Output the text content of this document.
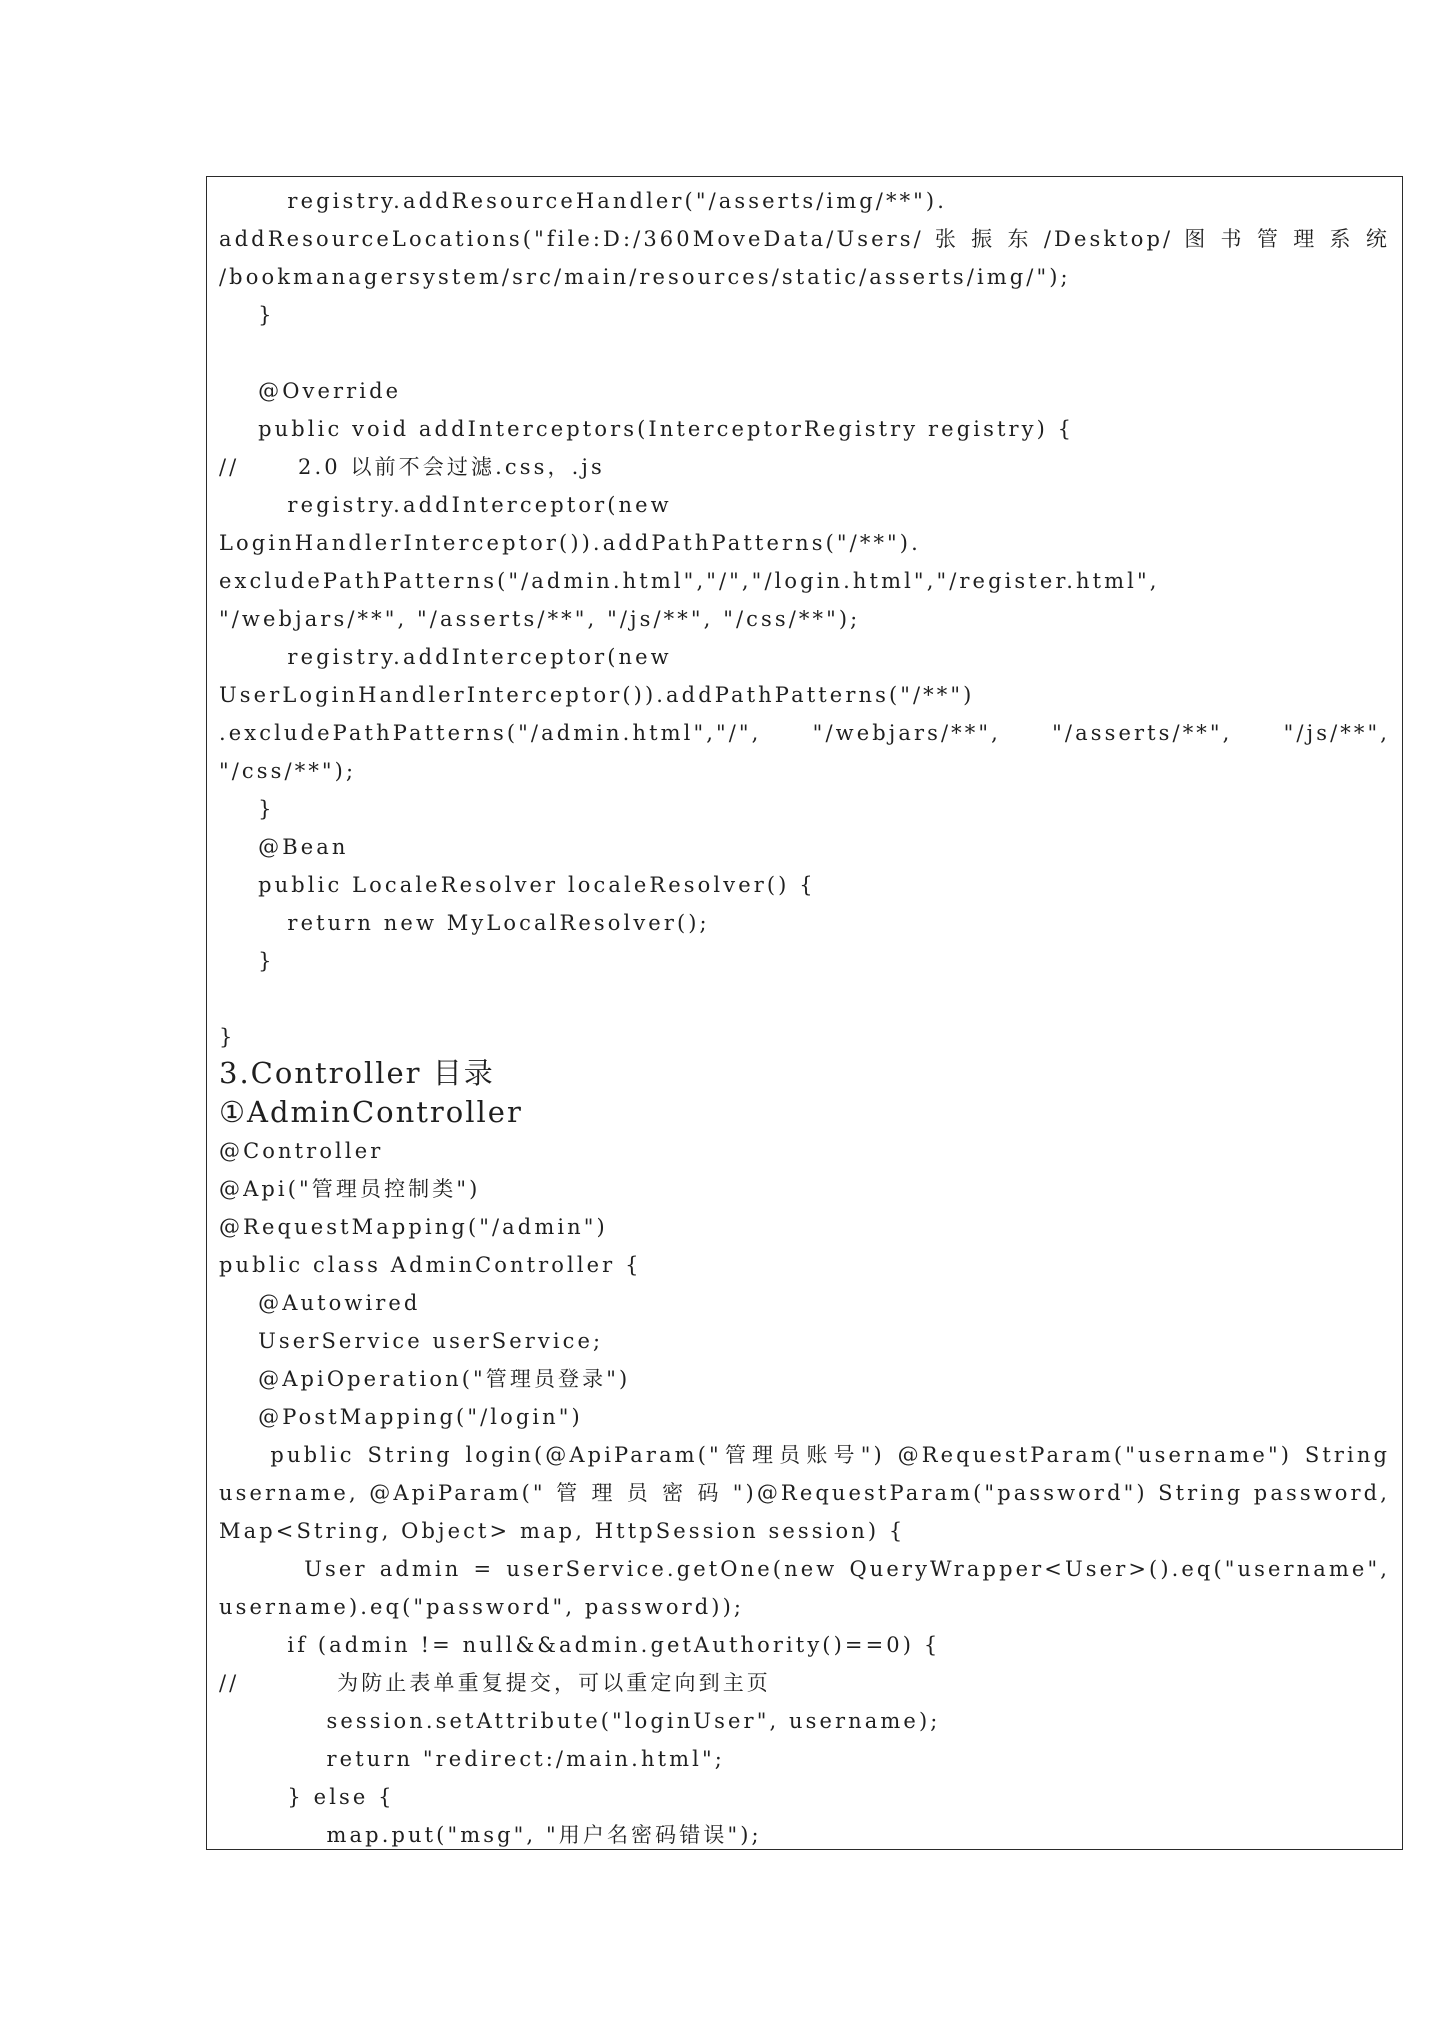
registry.addResourceHandler("/asserts/img/**").
addResourceLocations("file:D:/360MoveData/Users/ 张 振 东 /Desktop/ 图 书 管 理 系 统
/bookmanagersystem/src/main/resources/static/asserts/img/");
}
@Override
public void addInterceptors(InterceptorRegistry registry) {
//      2.0 以前不会过滤.css，.js
registry.addInterceptor(new
LoginHandlerInterceptor()).addPathPatterns("/**").
excludePathPatterns("/admin.html","/","/login.html","/register.html",
"/webjars/**", "/asserts/**", "/js/**", "/css/**");
registry.addInterceptor(new
UserLoginHandlerInterceptor()).addPathPatterns("/**")
.excludePathPatterns("/admin.html","/", "/webjars/**", "/asserts/**", "/js/**",
"/css/**");
}
@Bean
public LocaleResolver localeResolver() {
return new MyLocalResolver();
}
}
3.Controller 目录
①AdminController
@Controller
@Api("管理员控制类")
@RequestMapping("/admin")
public class AdminController {
@Autowired
UserService userService;
@ApiOperation("管理员登录")
@PostMapping("/login")
public String login(@ApiParam("管理员账号") @RequestParam("username") String
username, @ApiParam(" 管 理 员 密 码 ")@RequestParam("password") String password,
Map<String, Object> map, HttpSession session) {
User admin = userService.getOne(new QueryWrapper<User>().eq("username",
username).eq("password", password));
if (admin != null&&admin.getAuthority()==0) {
//          为防止表单重复提交，可以重定向到主页
session.setAttribute("loginUser", username);
return "redirect:/main.html";
} else {
map.put("msg", "用户名密码错误");
